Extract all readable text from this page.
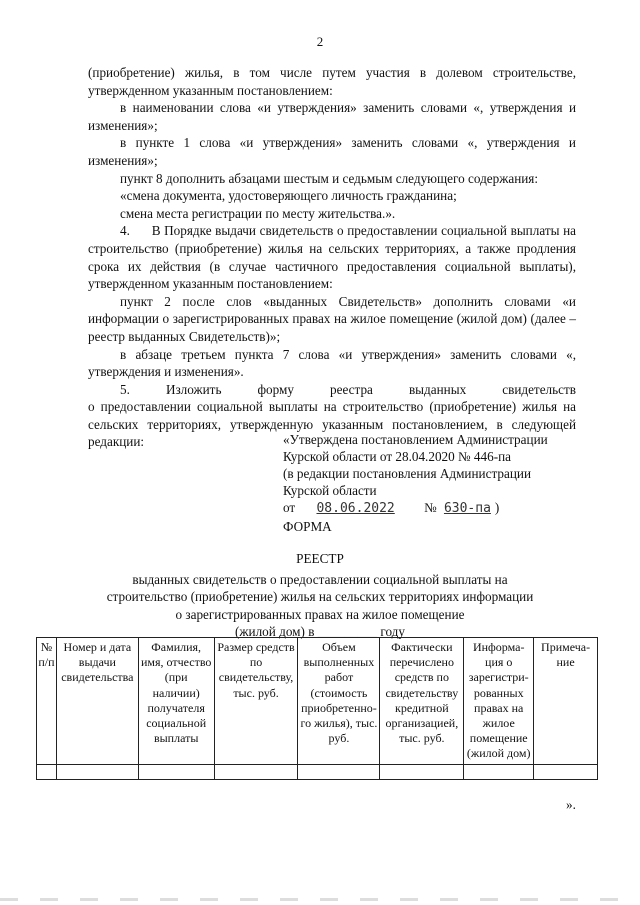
2

(приобретение) жилья, в том числе путем участия в долевом строительстве, утвержденном указанным постановлением:

в наименовании слова «и утверждения» заменить словами «, утверждения и изменения»;

в пункте 1 слова «и утверждения» заменить словами «, утверждения и изменения»;

пункт 8 дополнить абзацами шестым и седьмым следующего содержания:

«смена документа, удостоверяющего личность гражданина;

смена места регистрации по месту жительства.».

4.      В Порядке выдачи свидетельств о предоставлении социальной выплаты на строительство (приобретение) жилья на сельских территориях, а также продления срока их действия (в случае частичного предоставления социальной выплаты), утвержденном указанным постановлением:

пункт 2 после слов «выданных Свидетельств» дополнить словами «и информации о зарегистрированных правах на жилое помещение (жилой дом) (далее – реестр выданных Свидетельств)»;

в абзаце третьем пункта 7 слова «и утверждения» заменить словами «, утверждения и изменения».

5.	Изложить	форму	реестра	выданных	свидетельств

о предоставлении социальной выплаты на строительство (приобретение) жилья на сельских территориях, утвержденную указанным постановлением, в следующей редакции:	«Утверждена постановлением Администрации
Курской области от 28.04.2020 № 446-па
(в редакции постановления Администрации
Курской области
от 08.06.2022 № 630-па )
ФОРМА
РЕЕСТР
выданных свидетельств о предоставлении социальной выплаты на
строительство (приобретение) жилья на сельских территориях информации
о зарегистрированных правах на жилое помещение
(жилой дом) в _________ году
№ п/п	Номер и дата выдачи свидетельства	Фамилия, имя, отчество (при наличии) получателя социальной выплаты	Размер средств по свидетельству, тыс. руб.	Объем выполненных работ (стоимость приобретенно-го жилья), тыс. руб.	Фактически перечислено средств по свидетельству кредитной организацией, тыс. руб.	Информа-ция о зарегистри-рованных правах на жилое помещение (жилой дом)	Примеча-ние

».
